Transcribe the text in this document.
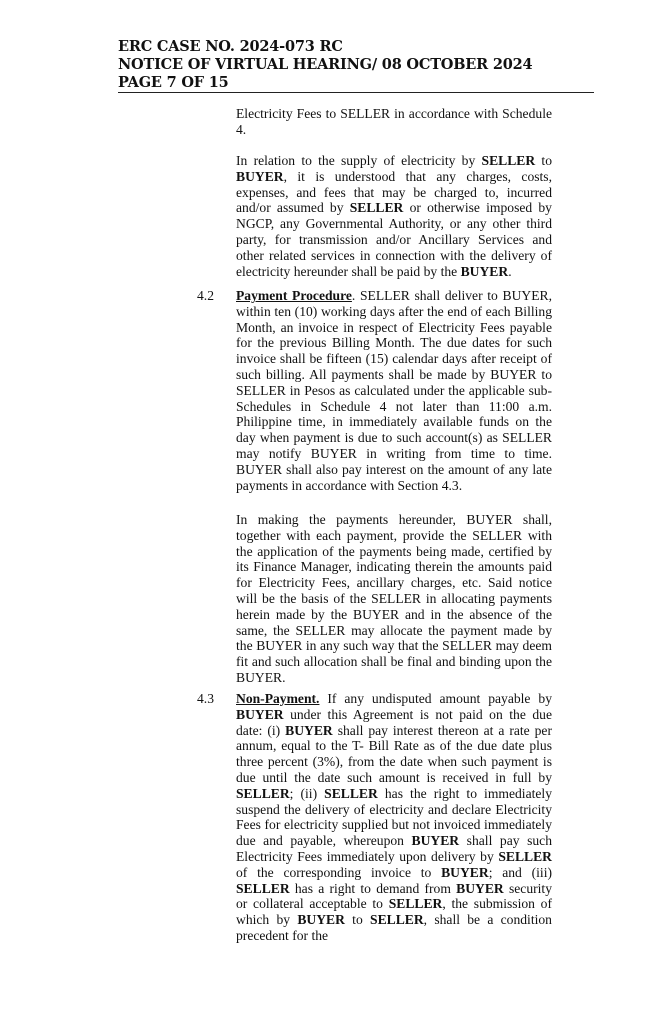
ERC CASE NO. 2024-073 RC
NOTICE OF VIRTUAL HEARING/ 08 OCTOBER 2024
PAGE 7 OF 15
Electricity Fees to SELLER in accordance with Schedule 4.
In relation to the supply of electricity by SELLER to BUYER, it is understood that any charges, costs, expenses, and fees that may be charged to, incurred and/or assumed by SELLER or otherwise imposed by NGCP, any Governmental Authority, or any other third party, for transmission and/or Ancillary Services and other related services in connection with the delivery of electricity hereunder shall be paid by the BUYER.
4.2 Payment Procedure. SELLER shall deliver to BUYER, within ten (10) working days after the end of each Billing Month, an invoice in respect of Electricity Fees payable for the previous Billing Month. The due dates for such invoice shall be fifteen (15) calendar days after receipt of such billing. All payments shall be made by BUYER to SELLER in Pesos as calculated under the applicable sub-Schedules in Schedule 4 not later than 11:00 a.m. Philippine time, in immediately available funds on the day when payment is due to such account(s) as SELLER may notify BUYER in writing from time to time. BUYER shall also pay interest on the amount of any late payments in accordance with Section 4.3.
In making the payments hereunder, BUYER shall, together with each payment, provide the SELLER with the application of the payments being made, certified by its Finance Manager, indicating therein the amounts paid for Electricity Fees, ancillary charges, etc. Said notice will be the basis of the SELLER in allocating payments herein made by the BUYER and in the absence of the same, the SELLER may allocate the payment made by the BUYER in any such way that the SELLER may deem fit and such allocation shall be final and binding upon the BUYER.
4.3 Non-Payment. If any undisputed amount payable by BUYER under this Agreement is not paid on the due date: (i) BUYER shall pay interest thereon at a rate per annum, equal to the T- Bill Rate as of the due date plus three percent (3%), from the date when such payment is due until the date such amount is received in full by SELLER; (ii) SELLER has the right to immediately suspend the delivery of electricity and declare Electricity Fees for electricity supplied but not invoiced immediately due and payable, whereupon BUYER shall pay such Electricity Fees immediately upon delivery by SELLER of the corresponding invoice to BUYER; and (iii) SELLER has a right to demand from BUYER security or collateral acceptable to SELLER, the submission of which by BUYER to SELLER, shall be a condition precedent for the
